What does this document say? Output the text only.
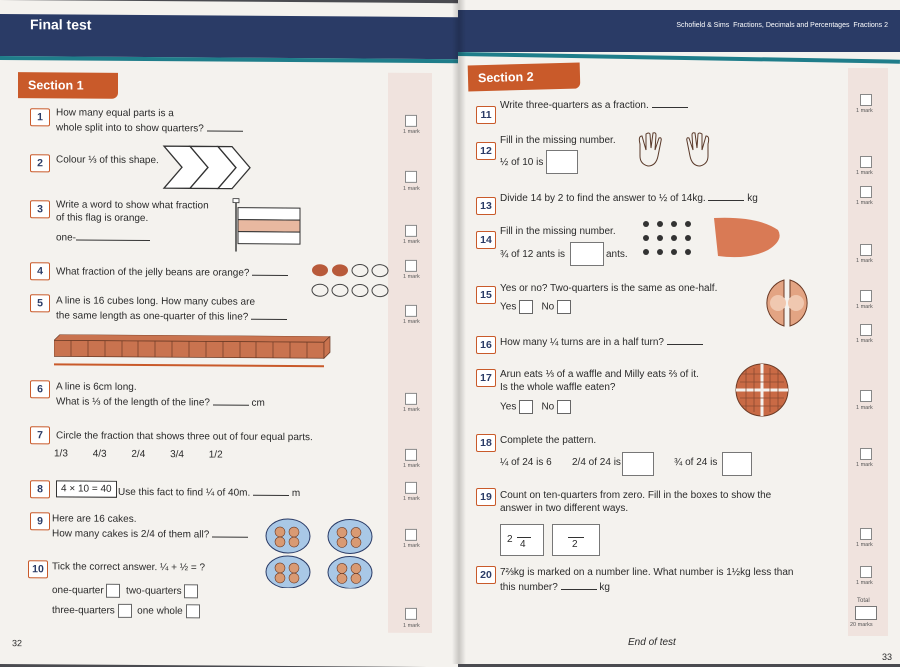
Final test
Section 1
1	How many equal parts is a
whole split into to show quarters?	1 mark
2	Colour ⅓ of this shape.
1 mark
3	Write a word to show what fraction
of this flag is orange.
one-	1 mark
4	What fraction of the jelly beans are orange?	1 mark
5	A line is 16 cubes long. How many cubes are
the same length as one-quarter of this line?	1 mark
6	A line is 6cm long.
What is ⅓ of the length of the line?	cm
1 mark
7	Circle the fraction that shows three out of four equal parts.
1/3 4/3 2/4 3/4 1/2
1 mark
8	4 × 10 = 40 Use this fact to find ¼ of 40m.	m	1 mark
9 Here are 16 cakes.
How many cakes is 2/4 of them all?
1 mark
10 Tick the correct answer. ¼ + ½ = ?
one-quarter two-quarters
three-quarters one whole
1 mark
32
Schofield & Sims Fractions, Decimals and Percentages Fractions 2
Section 2
11
Write three-quarters as a fraction.	1 mark
12
Fill in the missing number.
½ of 10 is
1 mark
13
Divide 14 by 2 to find the answer to ½ of 14kg.	kg	1 mark
14
Fill in the missing number.
¾ of 12 ants is	ants.
1 mark
15
Yes or no? Two-quarters is the same as one-half.
Yes	No	1 mark
16 How many ¼ turns are in a half turn?	1 mark
17 Arun eats ⅓ of a waffle and Milly eats ⅔ of it.
Is the whole waffle eaten?
Yes	No	1 mark
18 Complete the pattern.
¼ of 24 is 6 2/4 of 24 is	¾ of 24 is	1 mark
19 Count on ten-quarters from zero. Fill in the boxes to show the
answer in two different ways.
2 4	2	1 mark
20 7⅔kg is marked on a number line. What number is 1½kg less than
this number?	kg	1 mark
Total
20 marks
End of test
33
